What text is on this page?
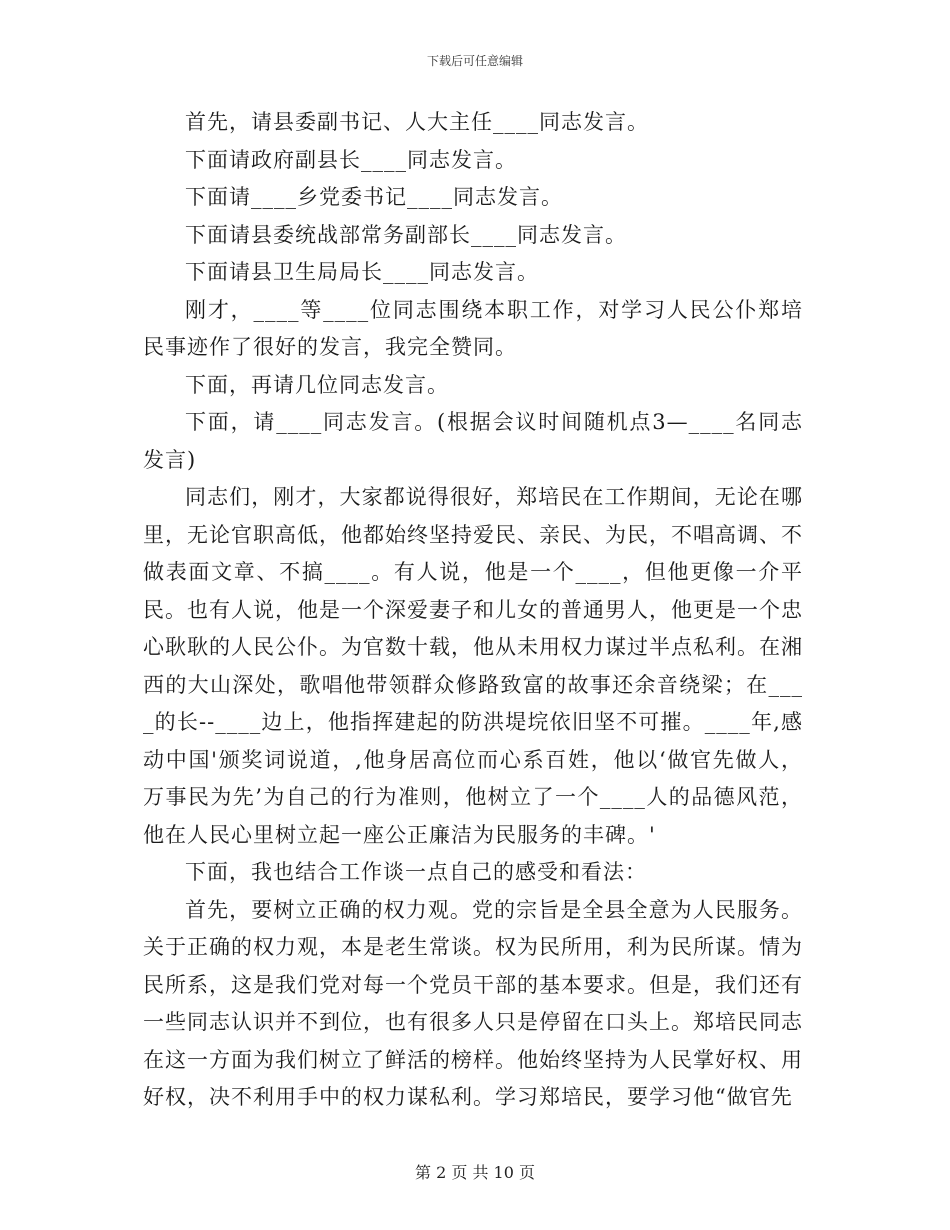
下载后可任意编辑

首先，请县委副书记、人大主任____同志发言。

下面请政府副县长____同志发言。

下面请____乡党委书记____同志发言。

下面请县委统战部常务副部长____同志发言。

下面请县卫生局局长____同志发言。

刚才，____等____位同志围绕本职工作，对学习人民公仆郑培民事迹作了很好的发言，我完全赞同。

下面，再请几位同志发言。

下面，请____同志发言。(根据会议时间随机点3—____名同志发言)

同志们，刚才，大家都说得很好，郑培民在工作期间，无论在哪里，无论官职高低，他都始终坚持爱民、亲民、为民，不唱高调、不做表面文章、不搞____。有人说，他是一个____，但他更像一介平民。也有人说，他是一个深爱妻子和儿女的普通男人，他更是一个忠心耿耿的人民公仆。为官数十载，他从未用权力谋过半点私利。在湘西的大山深处，歌唱他带领群众修路致富的故事还余音绕梁；在____的长--____边上，他指挥建起的防洪堤垸依旧坚不可摧。____年,感动中国'颁奖词说道，,他身居高位而心系百姓，他以‘做官先做人，万事民为先’为自己的行为准则，他树立了一个____人的品德风范，他在人民心里树立起一座公正廉洁为民服务的丰碑。'

下面，我也结合工作谈一点自己的感受和看法：

首先，要树立正确的权力观。党的宗旨是全县全意为人民服务。关于正确的权力观，本是老生常谈。权为民所用，利为民所谋。情为民所系，这是我们党对每一个党员干部的基本要求。但是，我们还有一些同志认识并不到位，也有很多人只是停留在口头上。郑培民同志在这一方面为我们树立了鲜活的榜样。他始终坚持为人民掌好权、用好权，决不利用手中的权力谋私利。学习郑培民，要学习他“做官先

第 2 页 共 10 页
